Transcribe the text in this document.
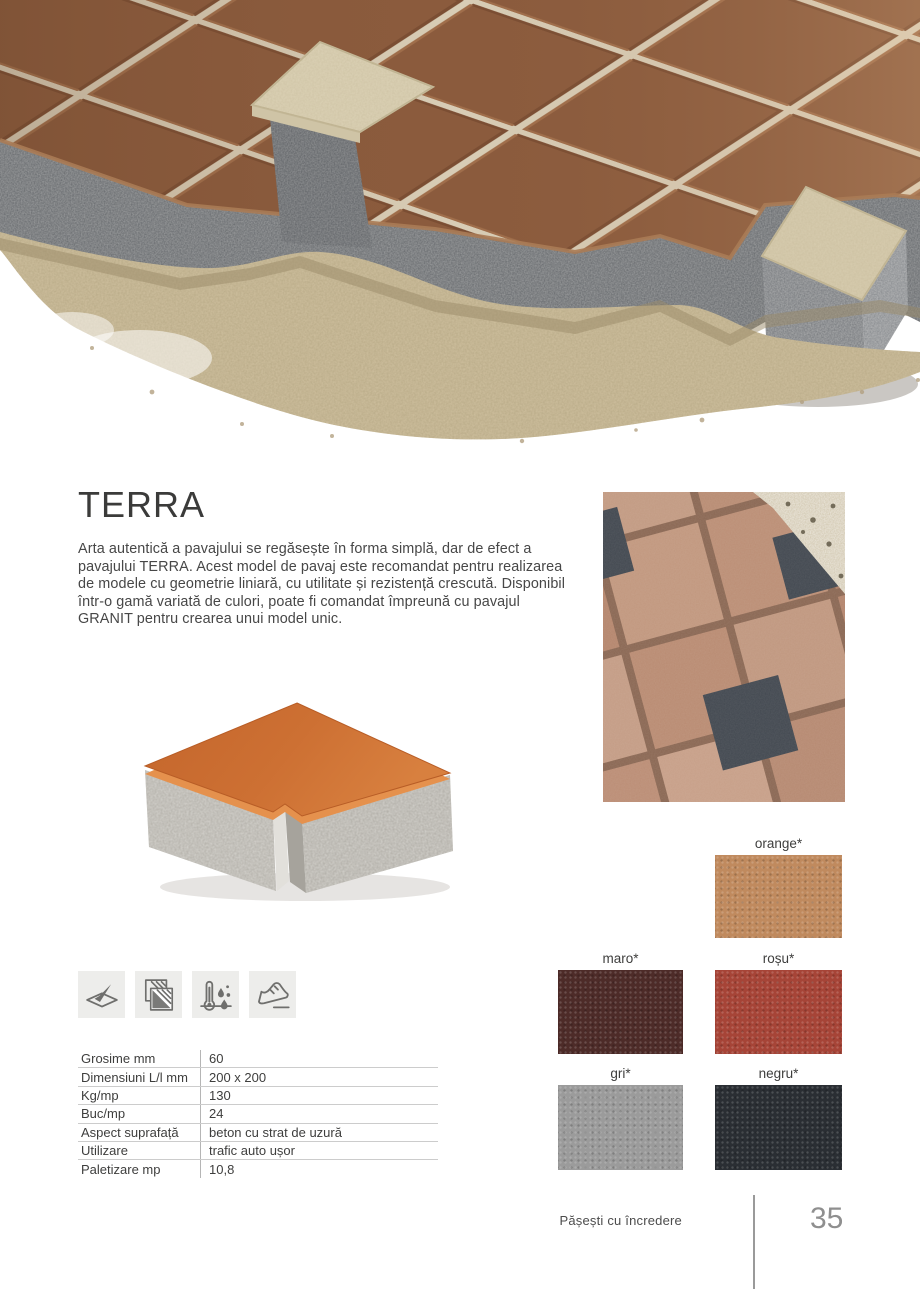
TERRA

Arta autentică a pavajului se regăsește în forma simplă, dar de efect a pavajului TERRA. Acest model de pavaj este recomandat pentru realizarea de modele cu geometrie liniară, cu utilitate și rezistență crescută. Disponibil într-o gamă variată de culori, poate fi comandat împreună cu pavajul GRANIT pentru crearea unui model unic.

Grosime mm	60
Dimensiuni L/l mm	200 x 200
Kg/mp	130
Buc/mp	24
Aspect suprafață	beton cu strat de uzură
Utilizare	trafic auto ușor
Paletizare mp	10,8
orange*
maro*	roșu*
gri*	negru*
Pășești cu încredere	35
